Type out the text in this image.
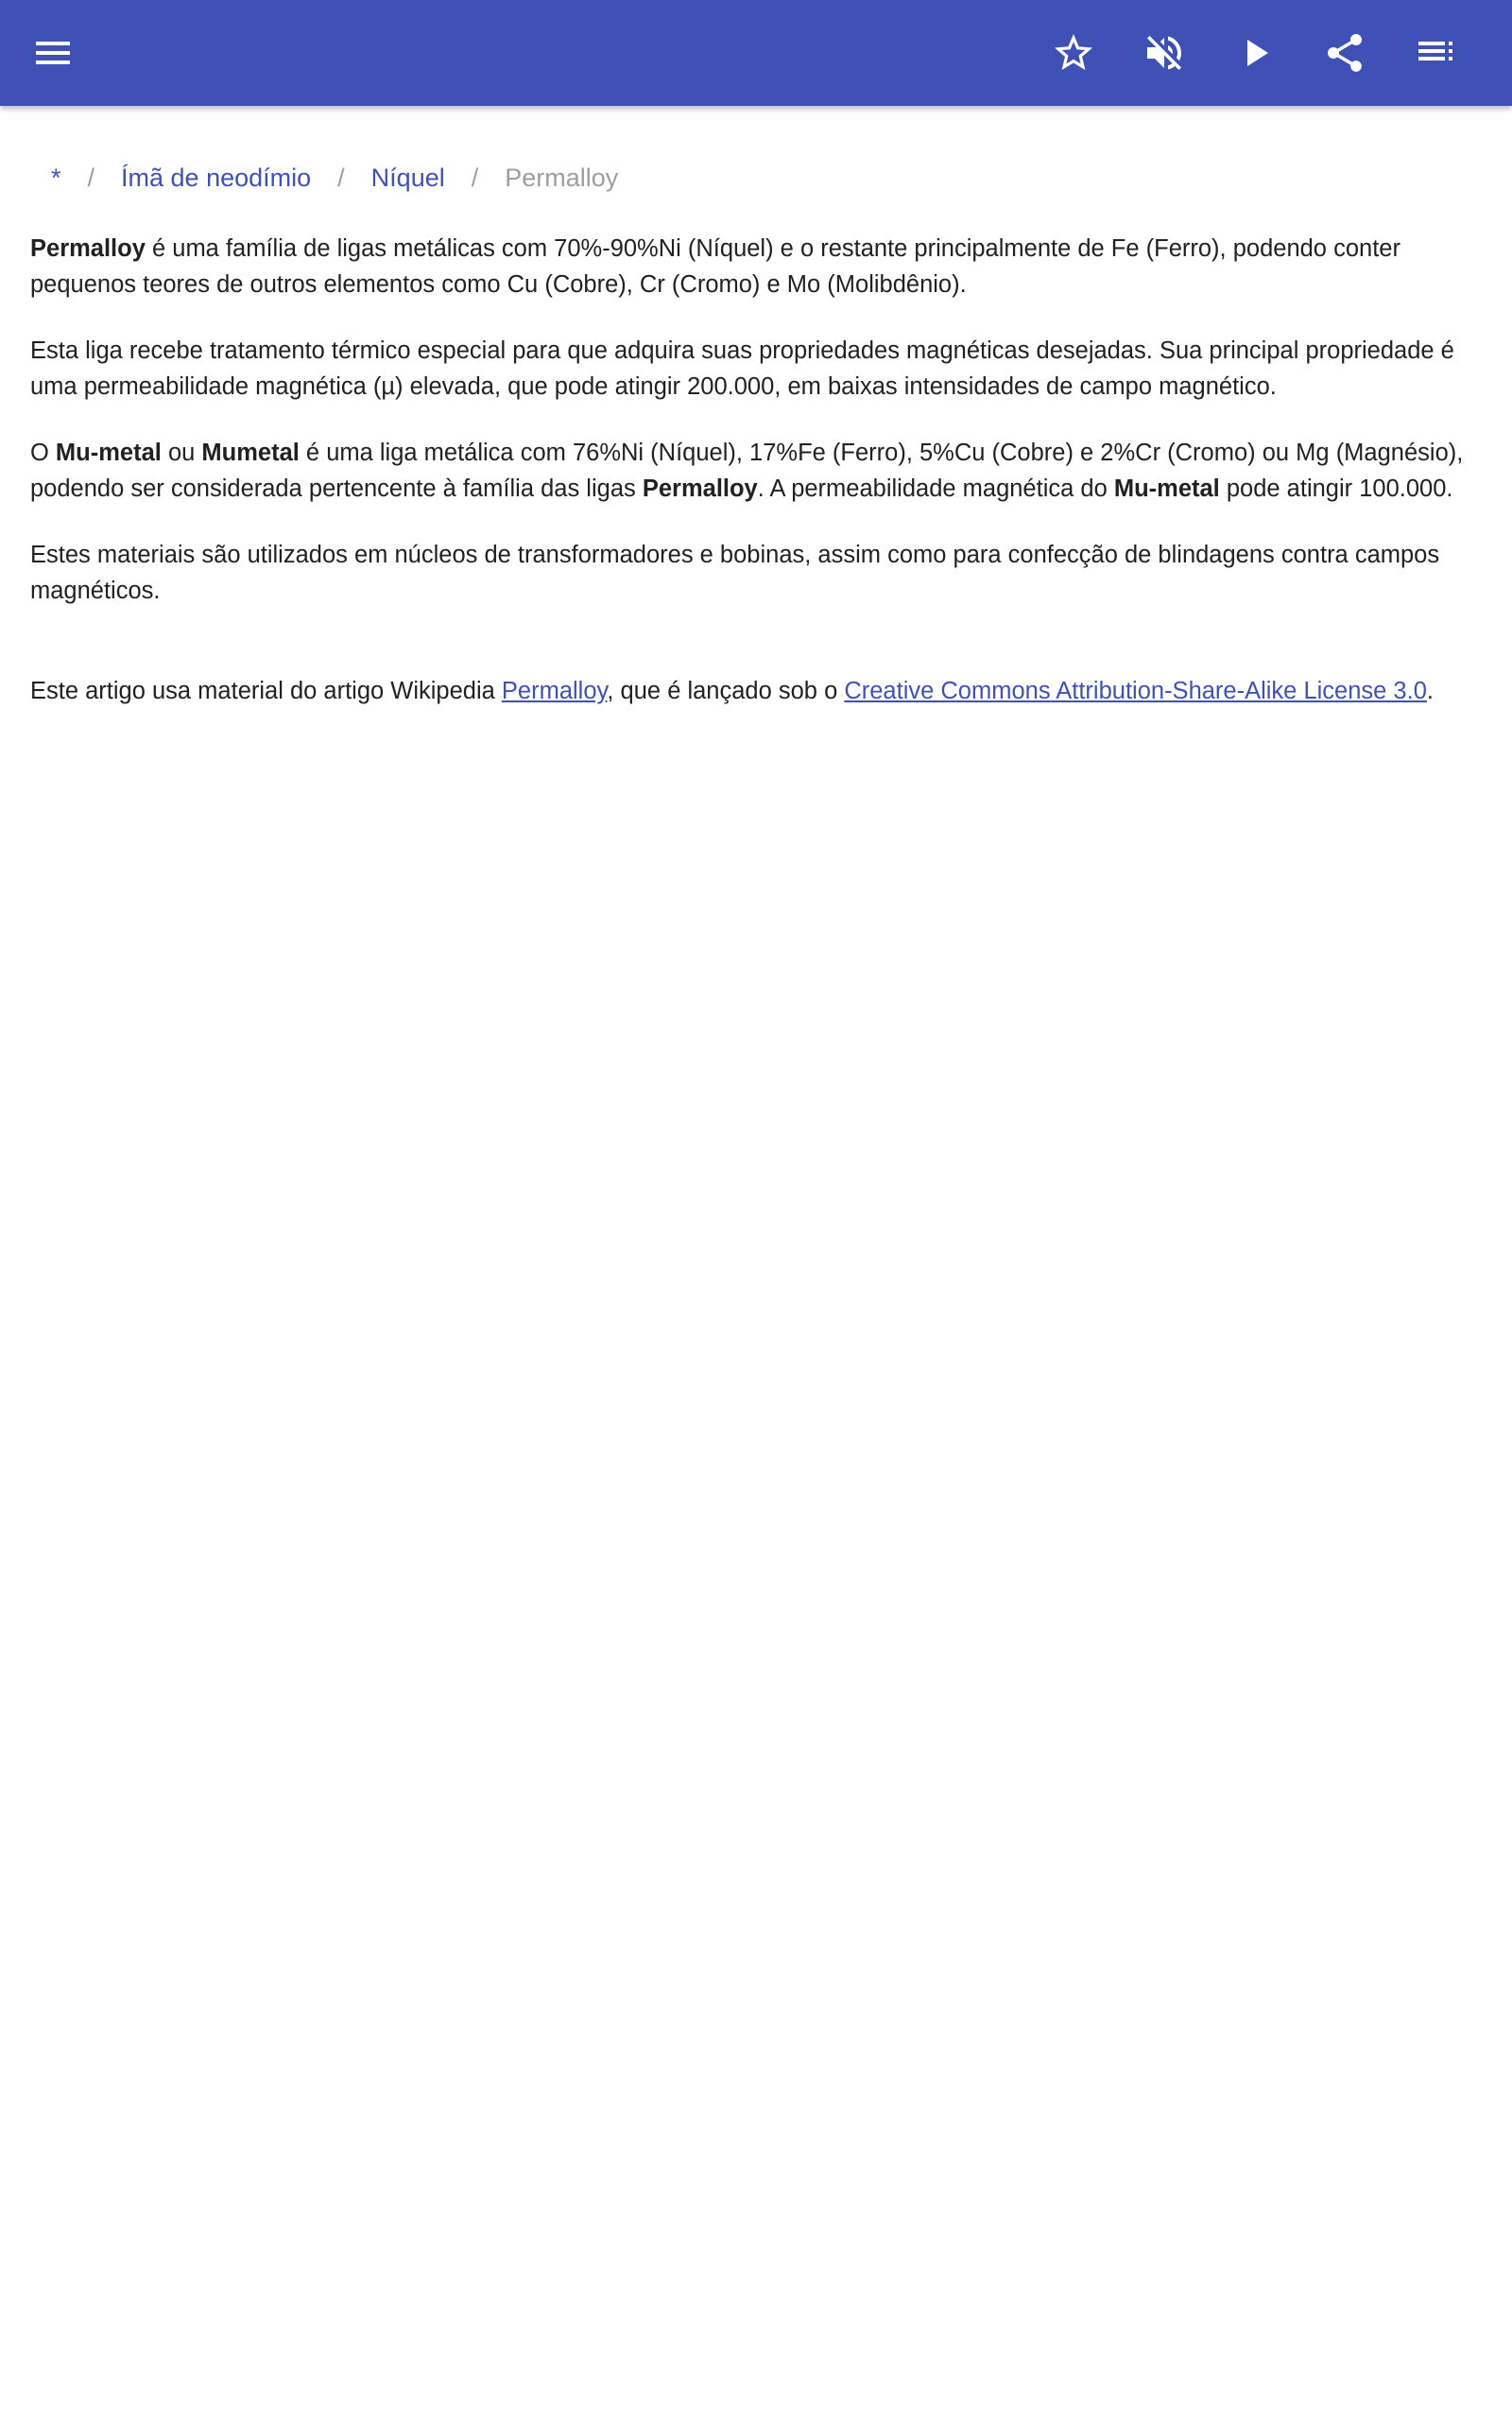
* / Ímã de neodímio / Níquel / Permalloy

Permalloy é uma família de ligas metálicas com 70%-90%Ni (Níquel) e o restante principalmente de Fe (Ferro), podendo conter pequenos teores de outros elementos como Cu (Cobre), Cr (Cromo) e Mo (Molibdênio).

Esta liga recebe tratamento térmico especial para que adquira suas propriedades magnéticas desejadas. Sua principal propriedade é uma permeabilidade magnética (µ) elevada, que pode atingir 200.000, em baixas intensidades de campo magnético.

O Mu-metal ou Mumetal é uma liga metálica com 76%Ni (Níquel), 17%Fe (Ferro), 5%Cu (Cobre) e 2%Cr (Cromo) ou Mg (Magnésio), podendo ser considerada pertencente à família das ligas Permalloy. A permeabilidade magnética do Mu-metal pode atingir 100.000.

Estes materiais são utilizados em núcleos de transformadores e bobinas, assim como para confecção de blindagens contra campos magnéticos.

Este artigo usa material do artigo Wikipedia Permalloy, que é lançado sob o Creative Commons Attribution-Share-Alike License 3.0.
